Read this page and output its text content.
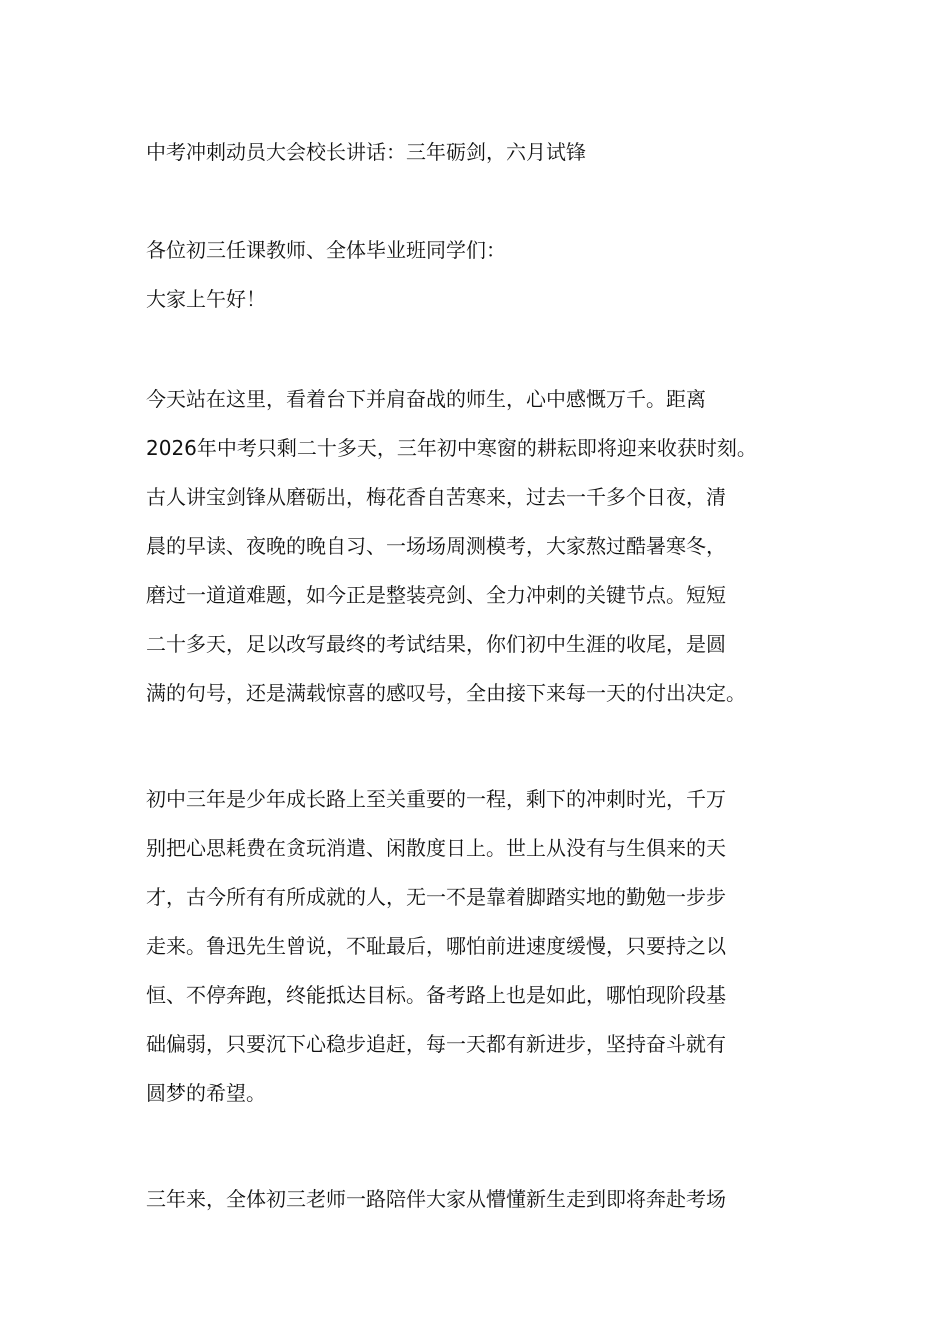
中考冲刺动员大会校长讲话：三年砺剑，六月试锋
各位初三任课教师、全体毕业班同学们：
大家上午好！
今天站在这里，看着台下并肩奋战的师生，心中感慨万千。距离
2026年中考只剩二十多天，三年初中寒窗的耕耘即将迎来收获时刻。
古人讲宝剑锋从磨砺出，梅花香自苦寒来，过去一千多个日夜，清
晨的早读、夜晚的晚自习、一场场周测模考，大家熬过酷暑寒冬，
磨过一道道难题，如今正是整装亮剑、全力冲刺的关键节点。短短
二十多天，足以改写最终的考试结果，你们初中生涯的收尾，是圆
满的句号，还是满载惊喜的感叹号，全由接下来每一天的付出决定。
初中三年是少年成长路上至关重要的一程，剩下的冲刺时光，千万
别把心思耗费在贪玩消遣、闲散度日上。世上从没有与生俱来的天
才，古今所有有所成就的人，无一不是靠着脚踏实地的勤勉一步步
走来。鲁迅先生曾说，不耻最后，哪怕前进速度缓慢，只要持之以
恒、不停奔跑，终能抵达目标。备考路上也是如此，哪怕现阶段基
础偏弱，只要沉下心稳步追赶，每一天都有新进步，坚持奋斗就有
圆梦的希望。
三年来，全体初三老师一路陪伴大家从懵懂新生走到即将奔赴考场
